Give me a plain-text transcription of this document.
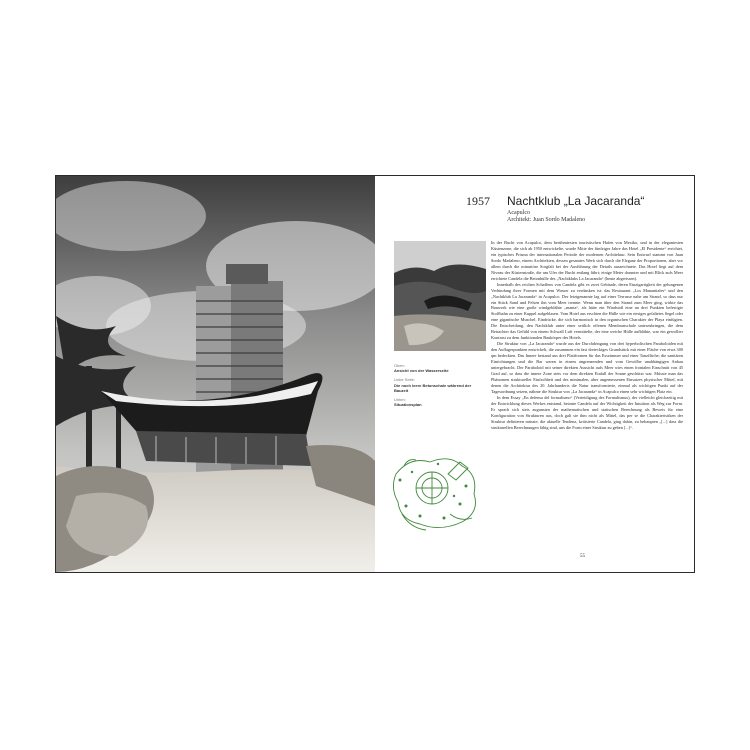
1957 Nachtklub „La Jacaranda“
Acapulco
Architekt: Juan Sordo Madaleno
Oben:
Ansicht von der Wasserseite
Linke Seite:
Die noch leere Betonschale während der Bauzeit
Unten:
Situationsplan

In der Bucht von Acapulco, dem berühmtesten touristischen Hafen von Mexiko, und in der elegantesten Küstenzone, die sich ab 1950 entwickelte, wurde Mitte der fünfziger Jahre das Hotel „El Presidente“ errichtet, ein typisches Prisma der internationalen Periode der modernen Architektur. Sein Entwurf stammt von Juan Sordo Madaleno, einem Architekten, dessen gesamtes Werk sich durch die Eleganz der Proportionen, aber vor allem durch die minutiöse Sorgfalt bei der Ausführung der Details auszeichnete. Das Hotel liegt auf dem Niveau der Küstenstraße, die am Ufer der Bucht entlang führt; einige Meter darunter und mit Blick aufs Meer errichtete Candela die Betonhülle des „Nachtklubs La Jacaranda“ (heute abgerissen).

Innerhalb des reichen Schaffens von Candela gibt es zwei Gebäude, deren Einzigartigkeit der gelungenen Verbindung ihrer Formen mit dem Wasser zu verdanken ist: das Restaurant „Los Manantiales“ und den „Nachtklub La Jacaranda“ in Acapulco. Der letztgenannte lag auf einer Terrasse nahe am Strand, so dass nur ein Stück Sand und Felsen ihn vom Meer trennte. Wenn man über den Strand zum Meer ging, wirkte das Bauwerk wie eine große windgeblähte „manta“, als hätte ein Windstoß eine an drei Punkten befestigte Stoffbahn zu einer Kuppel aufgeblasen. Vom Hotel aus erschien die Hülle wie ein riesiges gefaltetes Segel oder eine gigantische Muschel. Eindrücke, die sich harmonisch in den organischen Charakter der Playa einfügten. Die Entscheidung, den Nachtklub unter einer seitlich offenen Membranschale unterzubringen, die dem Betrachter das Gefühl von einem Schwall Luft vermittelte, der eine weiche Hülle aufblähte, war ein gewollter Kontrast zu dem funktionalen Baukörper des Hotels.

Die Struktur von „La Jacaranda“ wurde aus der Durchdringung von drei hyperbolischen Paraboloiden mit den Auflagerpunkten entwickelt, die zusammen ein fast dreieckiges Grundstück mit einer Fläche von etwa 300 qm bedeckten. Das Innere bestand aus drei Plattformen für das Esszimmer und einer Tanzfläche; die sanitären Einrichtungen und die Bar waren in einem angrenzenden und vom Gewölbe unabhängigen Anbau untergebracht. Der Paraboloid mit seiner direkten Aussicht aufs Meer wies einen frontalen Einschnitt von 45 Grad auf, so dass die innere Zone stets vor dem direkten Einfall der Sonne geschützt war. Músste man das Phänomen struktureller Einfachheit und des minimalen, aber angemessenen Einsatzes physischer Mittel, mit denen die Architektur des 20. Jahrhunderts die Natur transformierte, einmal als wichtigen Punkt auf der Tagesordnung setzen, nähme die Struktur von „La Jacaranda“ in Acapulco einen sehr wichtigen Platz ein.

In dem Essay „En defensa del formalismo“ (Verteidigung des Formalismus), der vielleicht gleichzeitig mit der Entwicklung dieses Werkes entstand, betonte Candela auf der Wichtigkeit der Intuition als Weg zur Form. Er sprach sich stets zugunsten der mathematischen und statischen Berechnung als Beweis für eine Konfiguration von Strukturen aus, doch galt sie ihm nicht als Mittel, das per se die Charakteristiken der Struktur definieren müsste; die aktuelle Tendenz, kritisierte Candela, ging dahin, zu behaupten „[...] dass die strukturellen Berechnungen fähig sind, uns die Form einer Struktur zu geben [...]“.

55
